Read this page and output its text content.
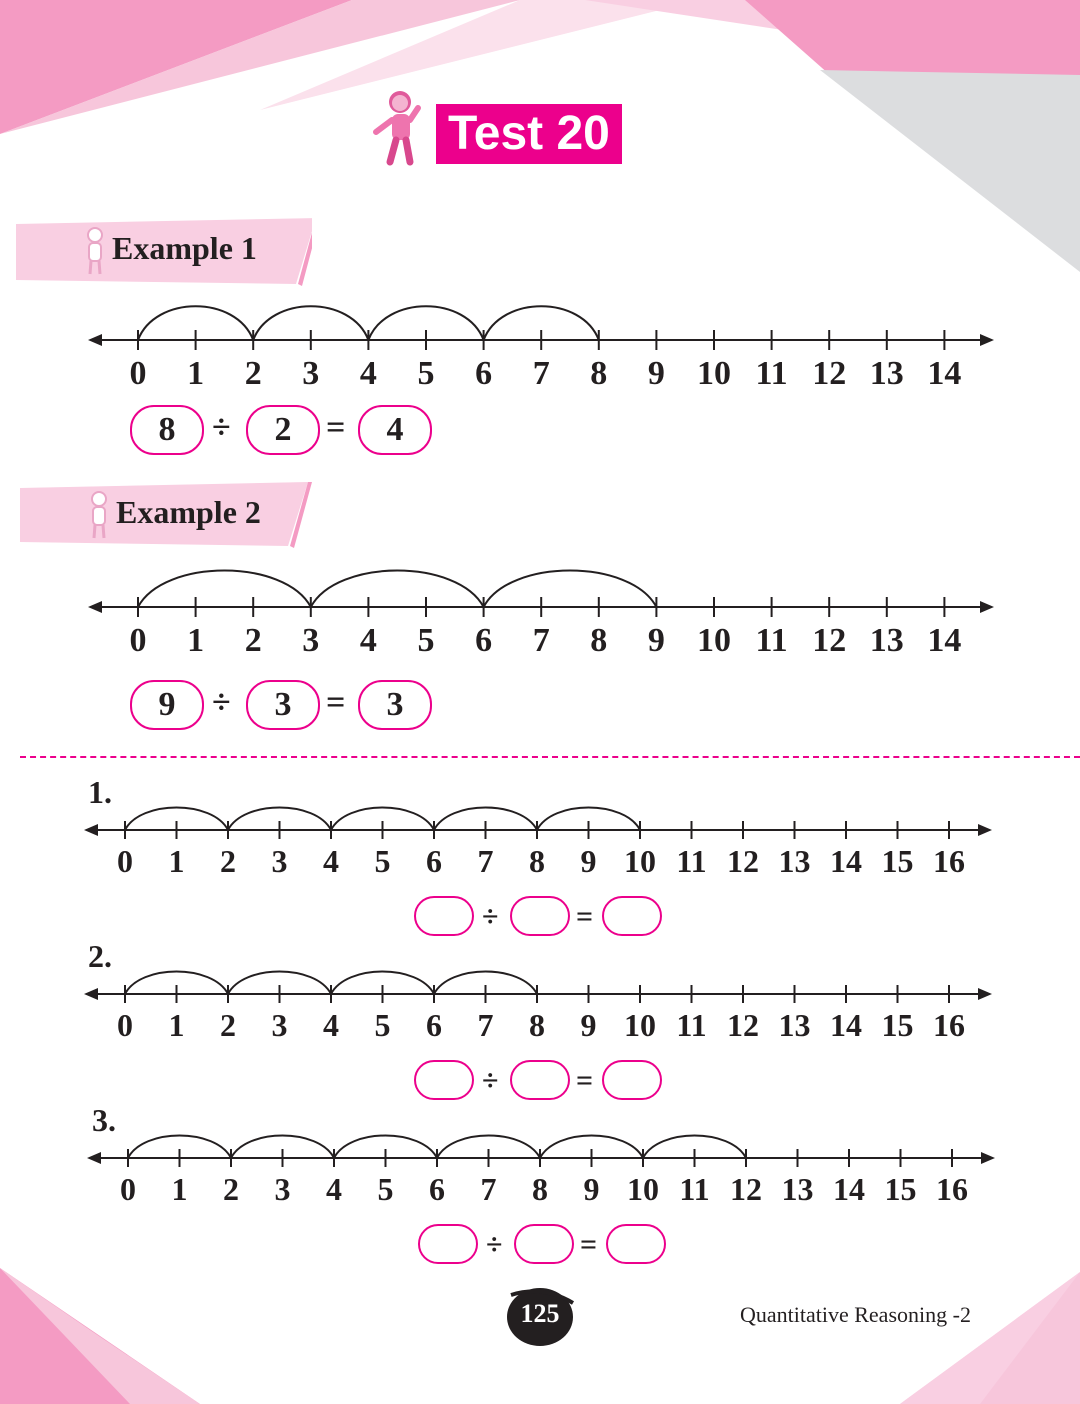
Test 20
Example 1
0 1 2 3 4 5 6 7 8 9 10 11 12 13 14
8	÷	2	=	4
Example 2
0 1 2 3 4 5 6 7 8 9 10 11 12 13 14
9	÷	3	=	3
1.
0 1 2 3 4 5 6 7 8 9 10 11 12 13 14 15 16
÷	=
2.
0 1 2 3 4 5 6 7 8 9 10 11 12 13 14 15 16
÷	=
3.
0 1 2 3 4 5 6 7 8 9 10 11 12 13 14 15 16
÷	=
125	Quantitative Reasoning -2
